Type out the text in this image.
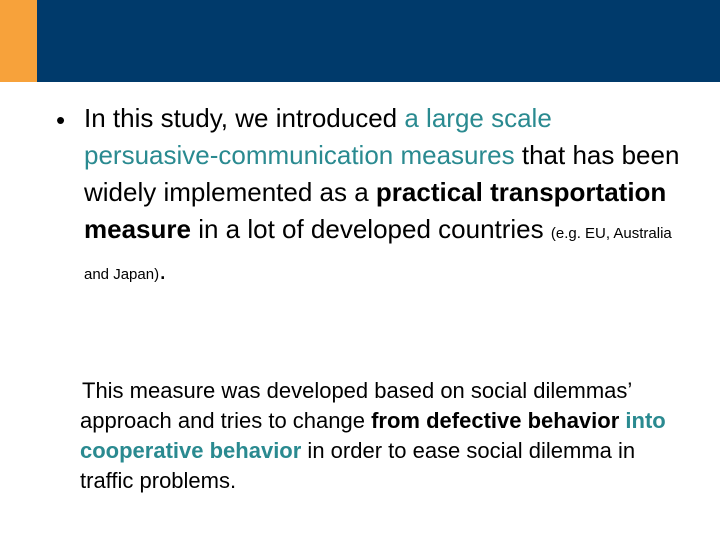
• In this study, we introduced a large scale persuasive-communication measures that has been widely implemented as a practical transportation measure in a lot of developed countries (e.g. EU, Australia and Japan).
This measure was developed based on social dilemmas’ approach and tries to change from defective behavior into cooperative behavior in order to ease social dilemma in traffic problems.
